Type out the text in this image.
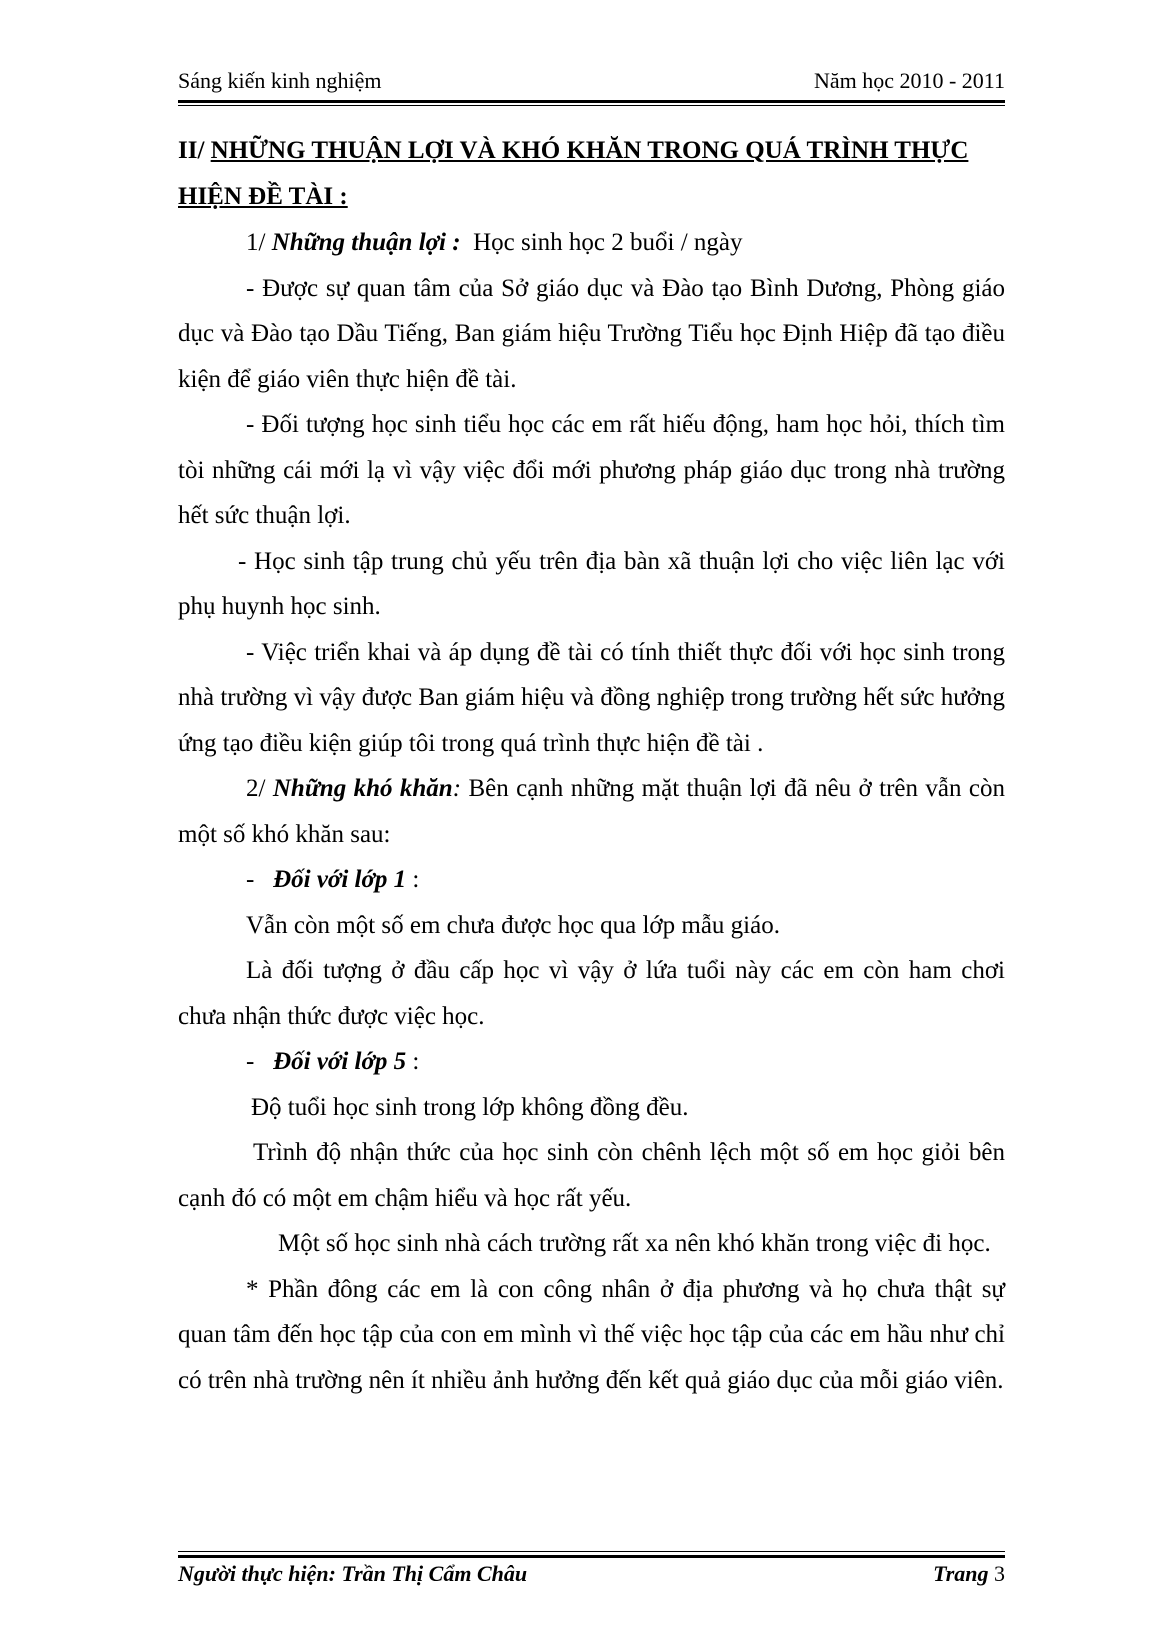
Sáng kiến kinh nghiệm	Năm học 2010 - 2011

II/ NHỮNG THUẬN LỢI VÀ KHÓ KHĂN TRONG QUÁ TRÌNH THỰC
HIỆN ĐỀ TÀI :

1/ Những thuận lợi :  Học sinh học 2 buổi / ngày

- Được sự quan tâm của Sở giáo dục và Đào tạo Bình Dương, Phòng giáo dục và Đào tạo Dầu Tiếng, Ban giám hiệu Trường Tiểu học Định Hiệp đã tạo điều kiện để giáo viên thực hiện đề tài.

- Đối tượng học sinh tiểu học các em rất hiếu động, ham học hỏi, thích tìm tòi những cái mới lạ vì vậy việc đổi mới phương pháp giáo dục trong nhà trường hết sức thuận lợi.

- Học sinh tập trung chủ yếu trên địa bàn xã thuận lợi cho việc liên lạc với phụ huynh học sinh.

- Việc triển khai và áp dụng đề tài có tính thiết thực đối với học sinh trong nhà trường vì vậy được Ban giám hiệu và đồng nghiệp trong trường hết sức hưởng ứng tạo điều kiện giúp tôi trong quá trình thực hiện đề tài .

2/ Những khó khăn: Bên cạnh những mặt thuận lợi đã nêu ở trên vẫn còn một số khó khăn sau:

-   Đối với lớp 1 :

Vẫn còn một số em chưa được học qua lớp mẫu giáo.

Là đối tượng ở đầu cấp học vì vậy ở lứa tuổi này các em còn ham chơi chưa nhận thức được việc học.

-   Đối với lớp 5 :

Độ tuổi học sinh trong lớp không đồng đều.

Trình độ nhận thức của học sinh còn chênh lệch một số em học giỏi bên cạnh đó có một em chậm hiểu và học rất yếu.

Một số học sinh nhà cách trường rất xa nên khó khăn trong việc đi học.

* Phần đông các em là con công nhân ở địa phương và họ chưa thật sự quan tâm đến học tập của con em mình vì thế việc học tập của các em hầu như chỉ có trên nhà trường nên ít nhiều ảnh hưởng đến kết quả giáo dục của mỗi giáo viên.

Người thực hiện: Trần Thị Cẩm Châu	Trang 3
